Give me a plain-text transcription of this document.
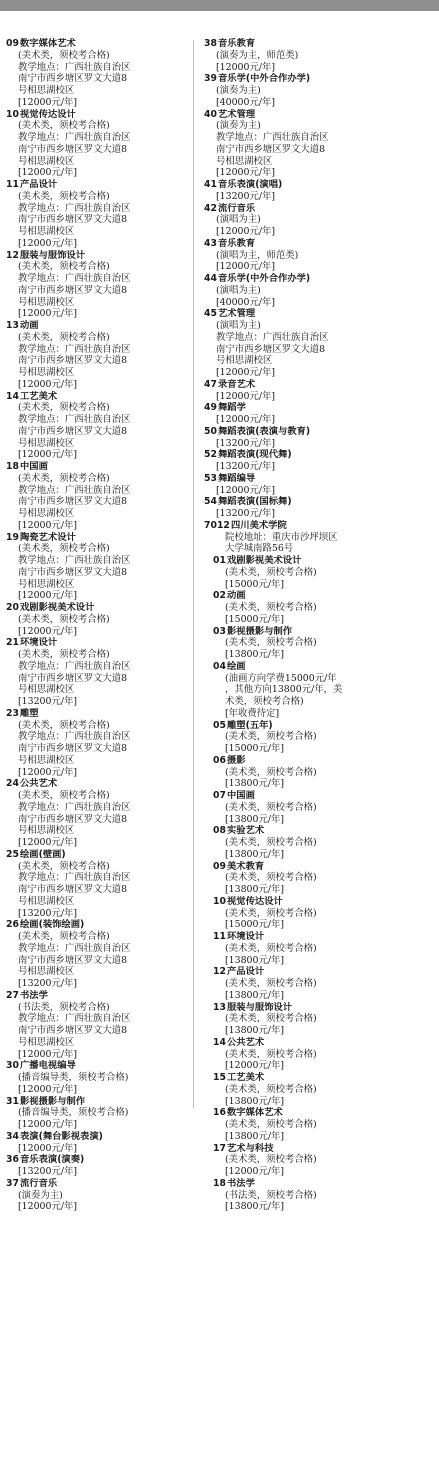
09数字媒体艺术
(美术类，须校考合格)
教学地点：广西壮族自治区
南宁市西乡塘区罗文大道8
号相思湖校区
[12000元/年]
10视觉传达设计
(美术类，须校考合格)
教学地点：广西壮族自治区
南宁市西乡塘区罗文大道8
号相思湖校区
[12000元/年]
11产品设计
(美术类，须校考合格)
教学地点：广西壮族自治区
南宁市西乡塘区罗文大道8
号相思湖校区
[12000元/年]
12服装与服饰设计
(美术类，须校考合格)
教学地点：广西壮族自治区
南宁市西乡塘区罗文大道8
号相思湖校区
[12000元/年]
13动画
(美术类，须校考合格)
教学地点：广西壮族自治区
南宁市西乡塘区罗文大道8
号相思湖校区
[12000元/年]
14工艺美术
(美术类，须校考合格)
教学地点：广西壮族自治区
南宁市西乡塘区罗文大道8
号相思湖校区
[12000元/年]
18中国画
(美术类，须校考合格)
教学地点：广西壮族自治区
南宁市西乡塘区罗文大道8
号相思湖校区
[12000元/年]
19陶瓷艺术设计
(美术类，须校考合格)
教学地点：广西壮族自治区
南宁市西乡塘区罗文大道8
号相思湖校区
[12000元/年]
20戏剧影视美术设计
(美术类，须校考合格)
[12000元/年]
21环境设计
(美术类，须校考合格)
教学地点：广西壮族自治区
南宁市西乡塘区罗文大道8
号相思湖校区
[13200元/年]
23雕塑
(美术类，须校考合格)
教学地点：广西壮族自治区
南宁市西乡塘区罗文大道8
号相思湖校区
[12000元/年]
24公共艺术
(美术类，须校考合格)
教学地点：广西壮族自治区
南宁市西乡塘区罗文大道8
号相思湖校区
[12000元/年]
25绘画(壁画)
(美术类，须校考合格)
教学地点：广西壮族自治区
南宁市西乡塘区罗文大道8
号相思湖校区
[13200元/年]
26绘画(装饰绘画)
(美术类，须校考合格)
教学地点：广西壮族自治区
南宁市西乡塘区罗文大道8
号相思湖校区
[13200元/年]
27书法学
(书法类，须校考合格)
教学地点：广西壮族自治区
南宁市西乡塘区罗文大道8
号相思湖校区
[12000元/年]
30广播电视编导
(播音编导类，须校考合格)
[12000元/年]
31影视摄影与制作
(播音编导类，须校考合格)
[12000元/年]
34表演(舞台影视表演)
[12000元/年]
36音乐表演(演奏)
[13200元/年]
37流行音乐
(演奏为主)
[12000元/年]
38音乐教育
(演奏为主，师范类)
[12000元/年]
39音乐学(中外合作办学)
(演奏为主)
[40000元/年]
40艺术管理
(演奏为主)
教学地点：广西壮族自治区
南宁市西乡塘区罗文大道8
号相思湖校区
[12000元/年]
41音乐表演(演唱)
[13200元/年]
42流行音乐
(演唱为主)
[12000元/年]
43音乐教育
(演唱为主，师范类)
[12000元/年]
44音乐学(中外合作办学)
(演唱为主)
[40000元/年]
45艺术管理
(演唱为主)
教学地点：广西壮族自治区
南宁市西乡塘区罗文大道8
号相思湖校区
[12000元/年]
47录音艺术
[12000元/年]
49舞蹈学
[12000元/年]
50舞蹈表演(表演与教育)
[13200元/年]
52舞蹈表演(现代舞)
[13200元/年]
53舞蹈编导
[12000元/年]
54舞蹈表演(国标舞)
[13200元/年]
7012四川美术学院
院校地址：重庆市沙坪坝区
大学城南路56号
01戏剧影视美术设计
(美术类，须校考合格)
[15000元/年]
02动画
(美术类，须校考合格)
[15000元/年]
03影视摄影与制作
(美术类，须校考合格)
[13800元/年]
04绘画
(油画方向学费15000元/年
，其他方向13800元/年，美
术类，须校考合格)
[年收费待定]
05雕塑(五年)
(美术类，须校考合格)
[15000元/年]
06摄影
(美术类，须校考合格)
[13800元/年]
07中国画
(美术类，须校考合格)
[13800元/年]
08实验艺术
(美术类，须校考合格)
[13800元/年]
09美术教育
(美术类，须校考合格)
[13800元/年]
10视觉传达设计
(美术类，须校考合格)
[15000元/年]
11环境设计
(美术类，须校考合格)
[13800元/年]
12产品设计
(美术类，须校考合格)
[13800元/年]
13服装与服饰设计
(美术类，须校考合格)
[13800元/年]
14公共艺术
(美术类，须校考合格)
[12000元/年]
15工艺美术
(美术类，须校考合格)
[13800元/年]
16数字媒体艺术
(美术类，须校考合格)
[13800元/年]
17艺术与科技
(美术类，须校考合格)
[12000元/年]
18书法学
(书法类，须校考合格)
[13800元/年]
